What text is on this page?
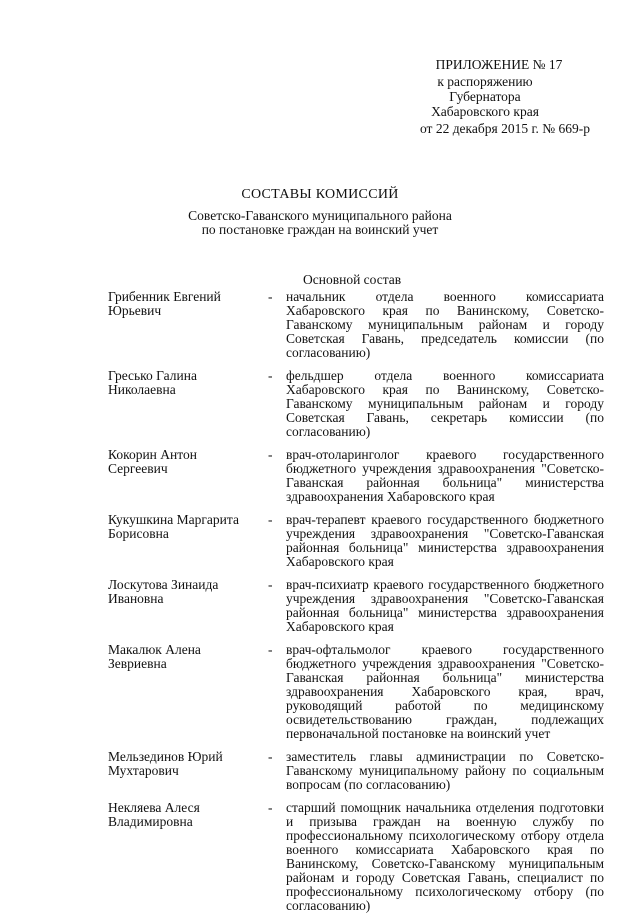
ПРИЛОЖЕНИЕ № 17
к распоряжению
Губернатора
Хабаровского края
от 22 декабря 2015 г. № 669-р
СОСТАВЫ КОМИССИЙ
Советско-Гаванского муниципального района
по постановке граждан на воинский учет
Основной состав
Грибенник Евгений
Юрьевич
- начальник отдела военного комиссариата Хабаровского края по Ванинскому, Советско-Гаванскому муниципальным районам и городу Советская Гавань, председатель комиссии (по согласованию)
Гресько Галина
Николаевна
- фельдшер отдела военного комиссариата Хабаровского края по Ванинскому, Советско-Гаванскому муниципальным районам и городу Советская Гавань, секретарь комиссии (по согласованию)
Кокорин Антон
Сергеевич
- врач-отоларинголог краевого государственного бюджетного учреждения здравоохранения "Советско-Гаванская районная больница" министерства здравоохранения Хабаровского края
Кукушкина Маргарита
Борисовна
- врач-терапевт краевого государственного бюджетного учреждения здравоохранения "Советско-Гаванская районная больница" министерства здравоохранения Хабаровского края
Лоскутова Зинаида
Ивановна
- врач-психиатр краевого государственного бюджетного учреждения здравоохранения "Советско-Гаванская районная больница" министерства здравоохранения Хабаровского края
Макалюк Алена
Зевриевна
- врач-офтальмолог краевого государственного бюджетного учреждения здравоохранения "Советско-Гаванская районная больница" министерства здравоохранения Хабаровского края, врач, руководящий работой по медицинскому освидетельствованию граждан, подлежащих первоначальной постановке на воинский учет
Мельзединов Юрий
Мухтарович
- заместитель главы администрации по Советско-Гаванскому муниципальному району по социальным вопросам (по согласованию)
Некляева Алеся
Владимировна
- старший помощник начальника отделения подготовки и призыва граждан на военную службу по профессиональному психологическому отбору отдела военного комиссариата Хабаровского края по Ванинскому, Советско-Гаванскому муниципальным районам и городу Советская Гавань, специалист по профессиональному психологическому отбору (по согласованию)
